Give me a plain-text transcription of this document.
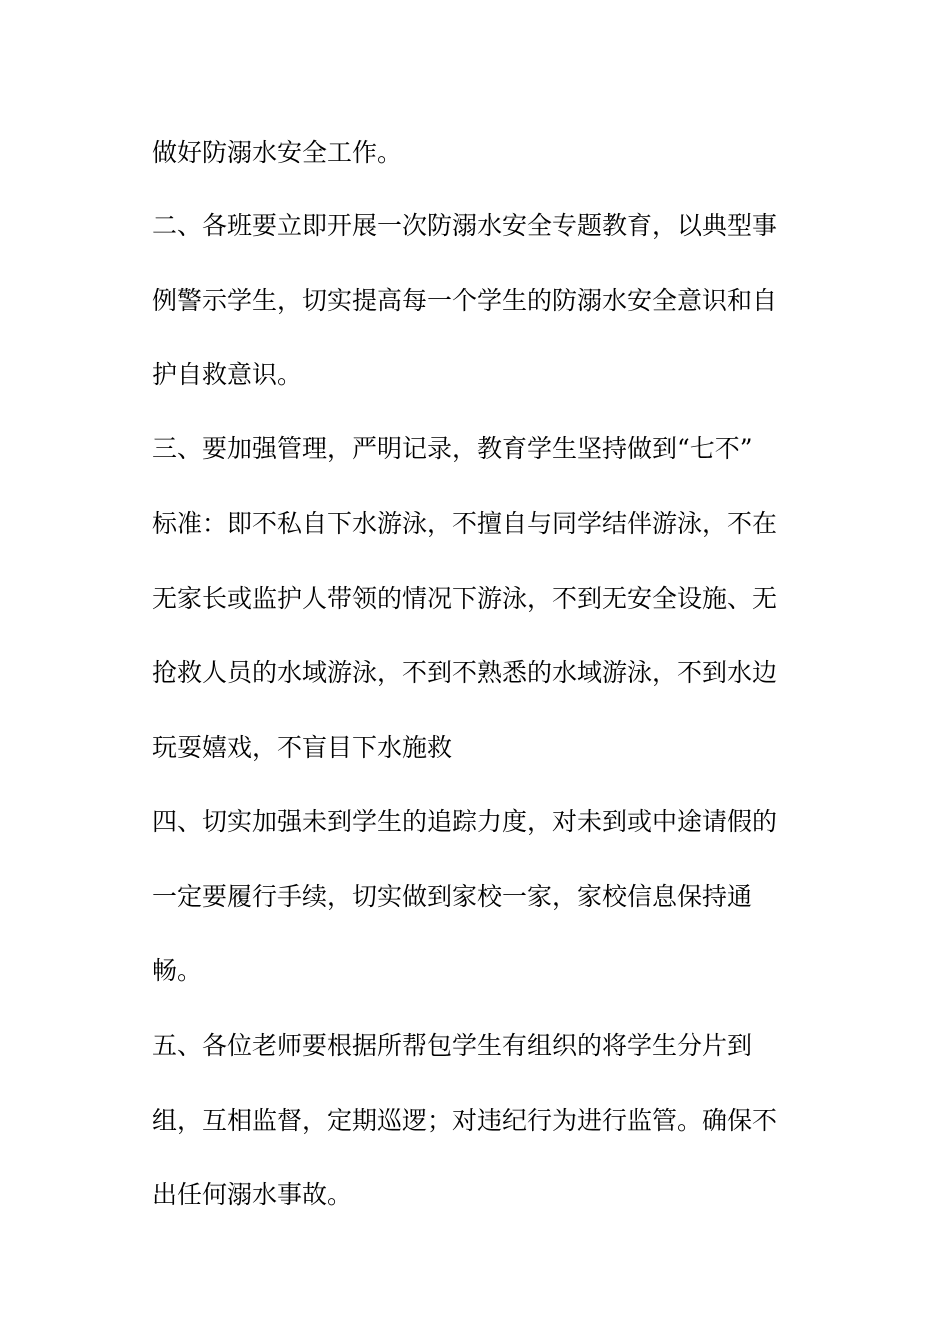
做好防溺水安全工作。
二、各班要立即开展一次防溺水安全专题教育，以典型事
例警示学生，切实提高每一个学生的防溺水安全意识和自
护自救意识。
三、要加强管理，严明记录，教育学生坚持做到“七不”
标准：即不私自下水游泳，不擅自与同学结伴游泳，不在
无家长或监护人带领的情况下游泳，不到无安全设施、无
抢救人员的水域游泳，不到不熟悉的水域游泳，不到水边
玩耍嬉戏，不盲目下水施救
四、切实加强未到学生的追踪力度，对未到或中途请假的
一定要履行手续，切实做到家校一家，家校信息保持通
畅。
五、各位老师要根据所帮包学生有组织的将学生分片到
组，互相监督，定期巡逻；对违纪行为进行监管。确保不
出任何溺水事故。
